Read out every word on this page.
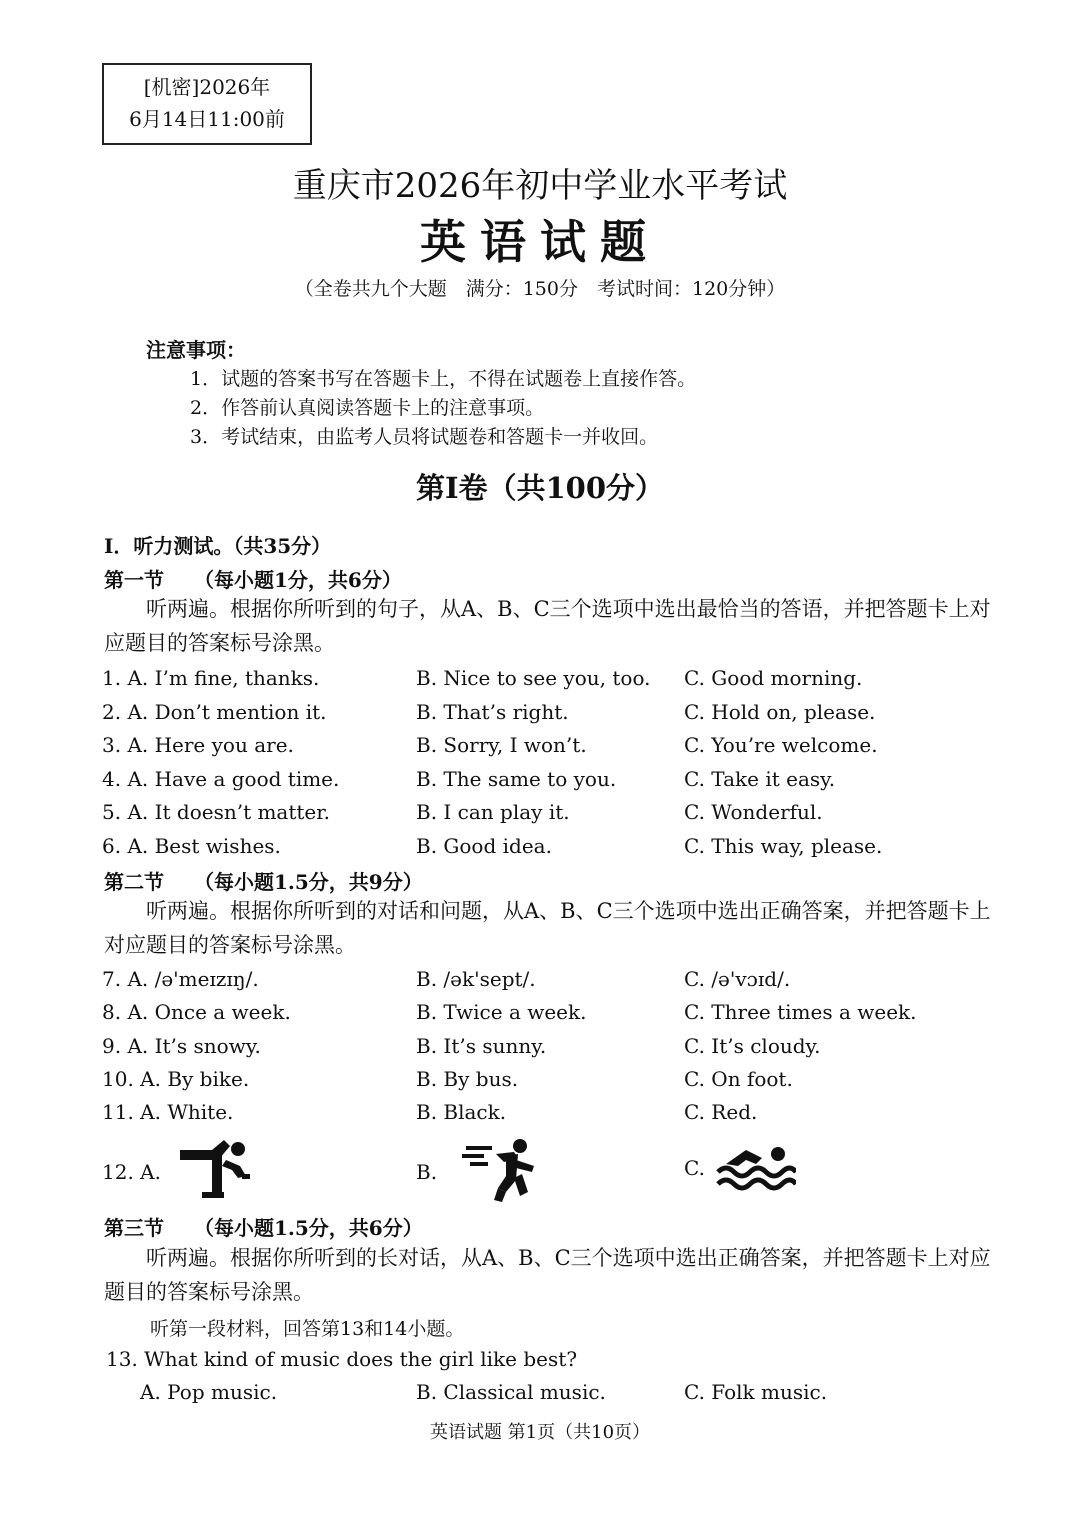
[机密]2026年
6月14日11:00前
重庆市2026年初中学业水平考试
英语试题
（全卷共九个大题　满分：150分　考试时间：120分钟）
注意事项：
1．试题的答案书写在答题卡上，不得在试题卷上直接作答。
2．作答前认真阅读答题卡上的注意事项。
3．考试结束，由监考人员将试题卷和答题卡一并收回。
第Ⅰ卷（共100分）
I．听力测试。（共35分）
第一节　　（每小题1分，共6分）
听两遍。根据你所听到的句子，从A、B、C三个选项中选出最恰当的答语，并把答题卡上对应题目的答案标号涂黑。
1. A. I’m fine, thanks.	B. Nice to see you, too. C. Good morning.
2. A. Don’t mention it.	B. That’s right.	C. Hold on, please.
3. A. Here you are.	B. Sorry, I won’t.	C. You’re welcome.
4. A. Have a good time.	B. The same to you.	C. Take it easy.
5. A. It doesn’t matter.	B. I can play it.	C. Wonderful.
6. A. Best wishes.	B. Good idea.	C. This way, please.
第二节　　（每小题1.5分，共9分）
听两遍。根据你所听到的对话和问题，从A、B、C三个选项中选出正确答案，并把答题卡上对应题目的答案标号涂黑。
7. A. /ə'meɪzɪŋ/.	B. /ək'sept/.	C. /ə'vɔɪd/.
8. A. Once a week.	B. Twice a week.	C. Three times a week.
9. A. It’s snowy.	B. It’s sunny.	C. It’s cloudy.
10. A. By bike.	B. By bus.	C. On foot.
11. A. White.	B. Black.	C. Red.
12. A.	B.	C.
第三节　　（每小题1.5分，共6分）
听两遍。根据你所听到的长对话，从A、B、C三个选项中选出正确答案，并把答题卡上对应题目的答案标号涂黑。
听第一段材料，回答第13和14小题。
13. What kind of music does the girl like best?
A. Pop music.	B. Classical music.	C. Folk music.
英语试题 第1页（共10页）
